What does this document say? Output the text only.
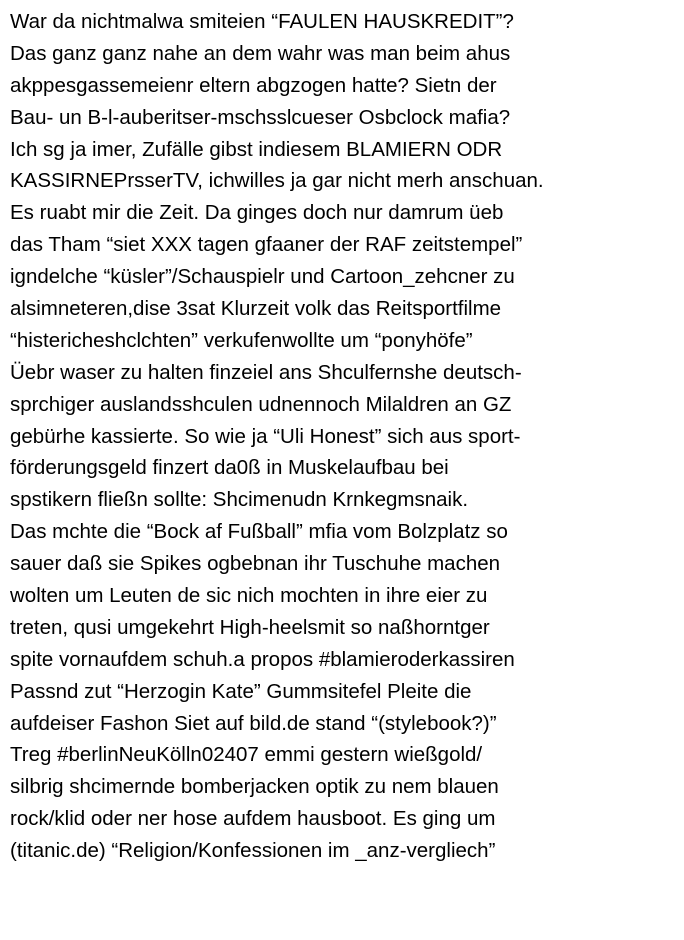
War da nichtmalwa smiteien “FAULEN HAUSKREDIT”?
Das ganz ganz nahe an dem wahr was man beim ahus
akppesgassemeienr eltern abgzogen hatte? Sietn der
Bau- un B-l-auberitser-mschsslcueser Osbclock mafia?
Ich sg ja imer, Zufälle gibst indiesem BLAMIERN ODR
KASSIRNEPrsserTV, ichwilles ja gar nicht merh anschuan.
Es ruabt mir die Zeit. Da ginges doch nur damrum üeb
das Tham “siet XXX tagen gfaaner der RAF zeitstempel”
igndelche “küsler”/Schauspielr und Cartoon_zehcner zu
alsimneteren,dise 3sat Klurzeit volk das Reitsportfilme
“histericheshclchten” verkufenwollte um “ponyhöfe”
Üebr waser zu halten finzeiel ans Shculfernshe deutsch-
sprchiger auslandsshculen udnennoch Milaldren an GZ
gebürhe kassierte. So wie ja “Uli Honest” sich aus sport-
förderungsgeld finzert da0ß in Muskelaufbau bei
spstikern fließn sollte: Shcimenudn Krnkegmsnaik.
Das mchte die “Bock af Fußball” mfia vom Bolzplatz so
sauer daß sie Spikes ogbebnan ihr Tuschuhe machen
wolten um Leuten de sic nich mochten in ihre eier zu
treten, qusi umgekehrt High-heelsmit so naßhorntger
spite vornaufdem schuh.a propos #blamieroderkassiren
Passnd zut “Herzogin Kate” Gummsitefel Pleite die
aufdeiser Fashon Siet auf bild.de stand “(stylebook?)”
Treg #berlinNeuKölln02407 emmi gestern wießgold/
silbrig shcimernde bomberjacken optik zu nem blauen
rock/klid oder ner hose aufdem hausboot. Es ging um
(titanic.de) “Religion/Konfessionen im _anz-vergliech”
